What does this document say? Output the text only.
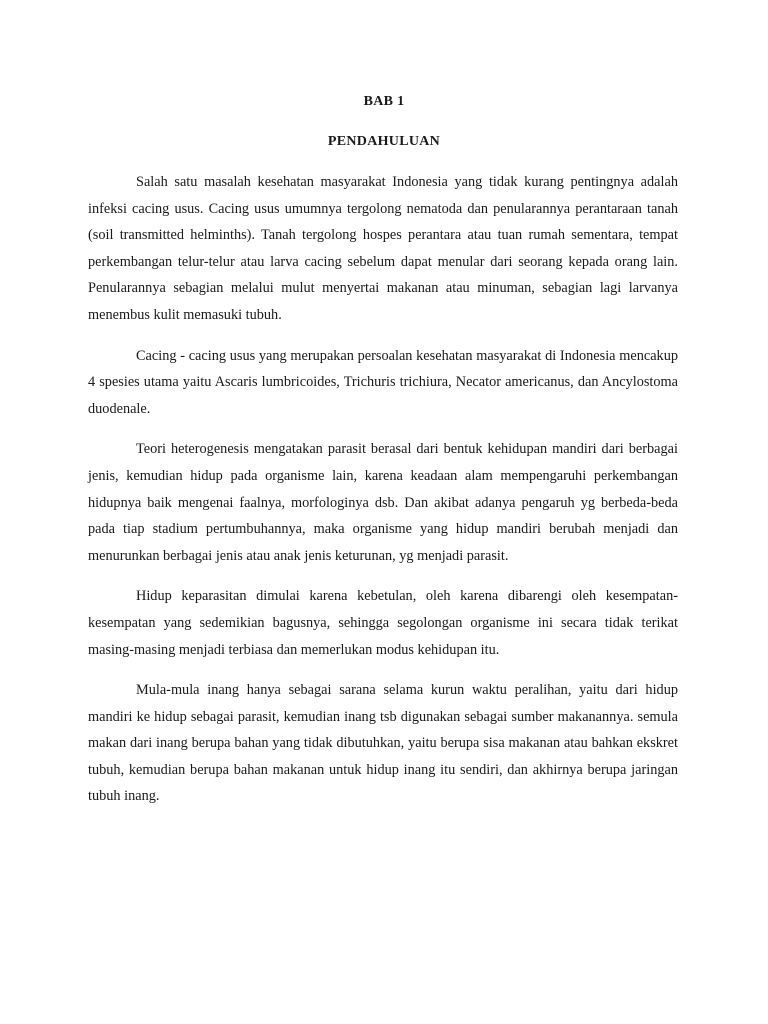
BAB 1
PENDAHULUAN

Salah satu masalah kesehatan masyarakat Indonesia yang tidak kurang pentingnya adalah infeksi cacing usus. Cacing usus umumnya tergolong nematoda dan penularannya perantaraan tanah (soil transmitted helminths). Tanah tergolong hospes perantara atau tuan rumah sementara, tempat perkembangan telur-telur atau larva cacing sebelum dapat menular dari seorang kepada orang lain. Penularannya sebagian melalui mulut menyertai makanan atau minuman, sebagian lagi larvanya menembus kulit memasuki tubuh.

Cacing - cacing usus yang merupakan persoalan kesehatan masyarakat di Indonesia mencakup 4 spesies utama yaitu Ascaris lumbricoides, Trichuris trichiura, Necator americanus, dan Ancylostoma duodenale.

Teori heterogenesis mengatakan parasit berasal dari bentuk kehidupan mandiri dari berbagai jenis, kemudian hidup pada organisme lain, karena keadaan alam mempengaruhi perkembangan hidupnya baik mengenai faalnya, morfologinya dsb. Dan akibat adanya pengaruh yg berbeda-beda pada tiap stadium pertumbuhannya, maka organisme yang hidup mandiri berubah menjadi dan menurunkan berbagai jenis atau anak jenis keturunan, yg menjadi parasit.

Hidup keparasitan dimulai karena kebetulan, oleh karena dibarengi oleh kesempatan-kesempatan yang sedemikian bagusnya, sehingga segolongan organisme ini secara tidak terikat masing-masing menjadi terbiasa dan memerlukan modus kehidupan itu.

Mula-mula inang hanya sebagai sarana selama kurun waktu peralihan, yaitu dari hidup mandiri ke hidup sebagai parasit, kemudian inang tsb digunakan sebagai sumber makanannya. semula makan dari inang berupa bahan yang tidak dibutuhkan, yaitu berupa sisa makanan atau bahkan ekskret tubuh, kemudian berupa bahan makanan untuk hidup inang itu sendiri, dan akhirnya berupa jaringan tubuh inang.
